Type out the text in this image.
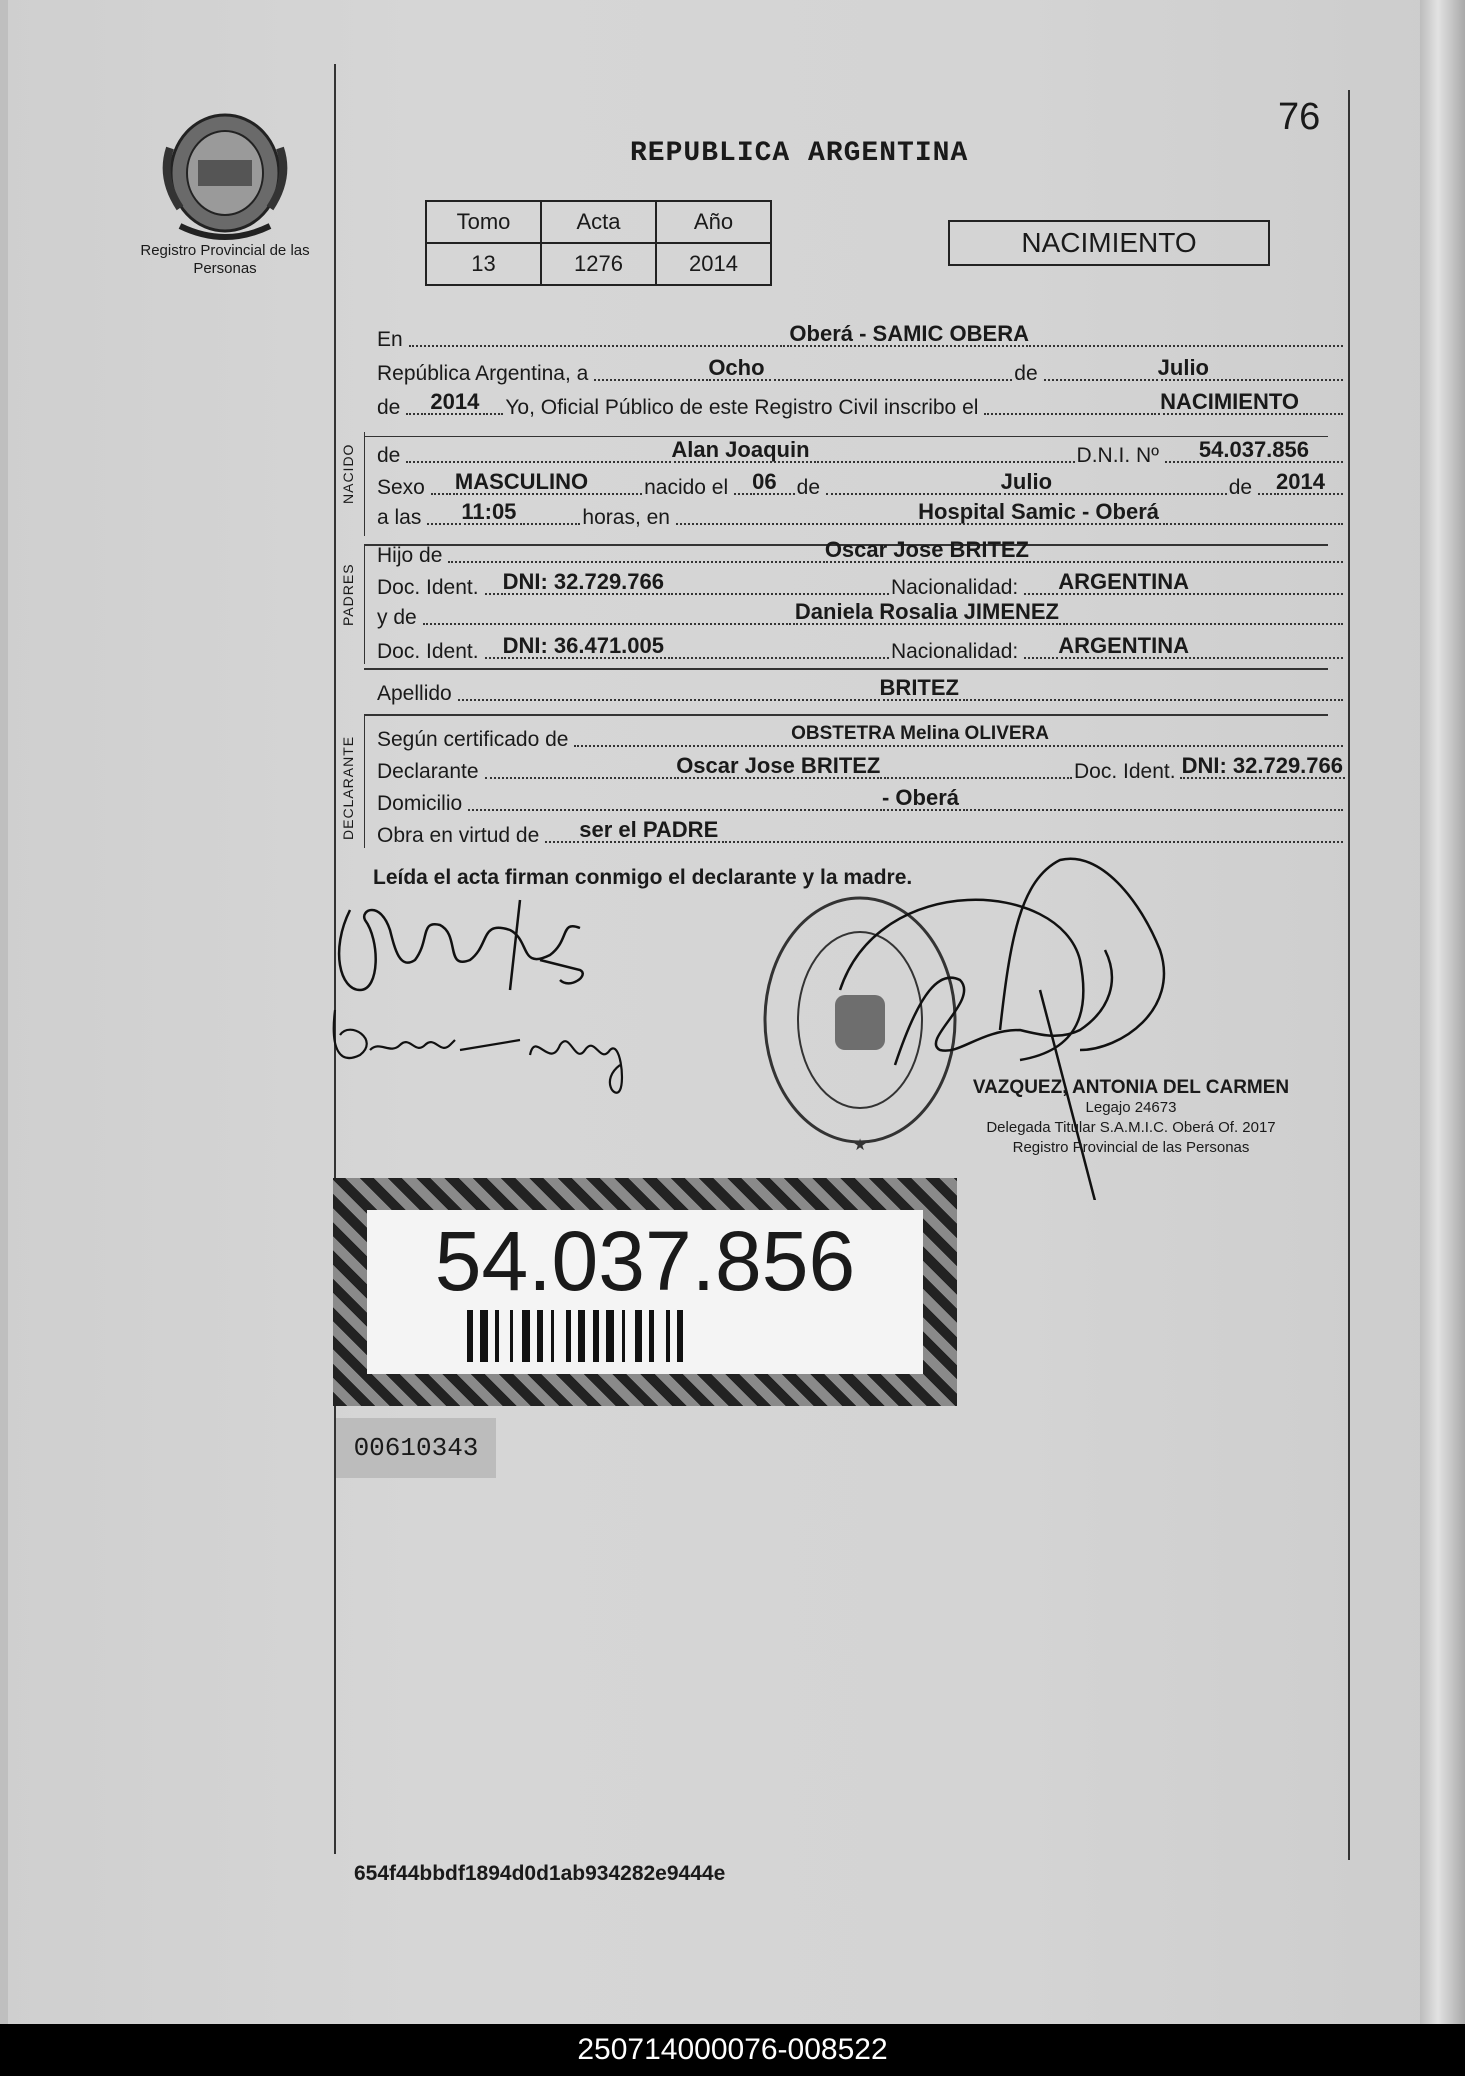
Registro Provincial de las Personas
76
REPUBLICA ARGENTINA
Tomo	Acta	Año
13	1276	2014
NACIMIENTO
En	Oberá - SAMIC OBERA
República Argentina, a	Ocho	de	Julio
de 2014 Yo, Oficial Público de este Registro Civil inscribo el	NACIMIENTO
NACIDO de	Alan Joaquin	D.N.I. Nº 54.037.856
Sexo MASCULINO	nacido el 06 de	Julio	de 2014
a las 11:05	horas, en	Hospital Samic - Oberá
PADRES
Hijo de	Oscar Jose BRITEZ
Doc. Ident. DNI: 32.729.766	Nacionalidad: ARGENTINA
y de	Daniela Rosalia JIMENEZ
Doc. Ident. DNI: 36.471.005	Nacionalidad: ARGENTINA
Apellido	BRITEZ
DECLARANTE Según certificado de	OBSTETRA Melina OLIVERA
Declarante	Oscar Jose BRITEZ	Doc. Ident. DNI: 32.729.766
Domicilio	- Oberá
Obra en virtud de ser el PADRE
Leída el acta firman conmigo el declarante y la madre.
★
VAZQUEZ, ANTONIA DEL CARMEN
Legajo 24673
Delegada Titular S.A.M.I.C. Oberá Of. 2017
Registro Provincial de las Personas
54.037.856
00610343
654f44bbdf1894d0d1ab934282e9444e
250714000076-008522
